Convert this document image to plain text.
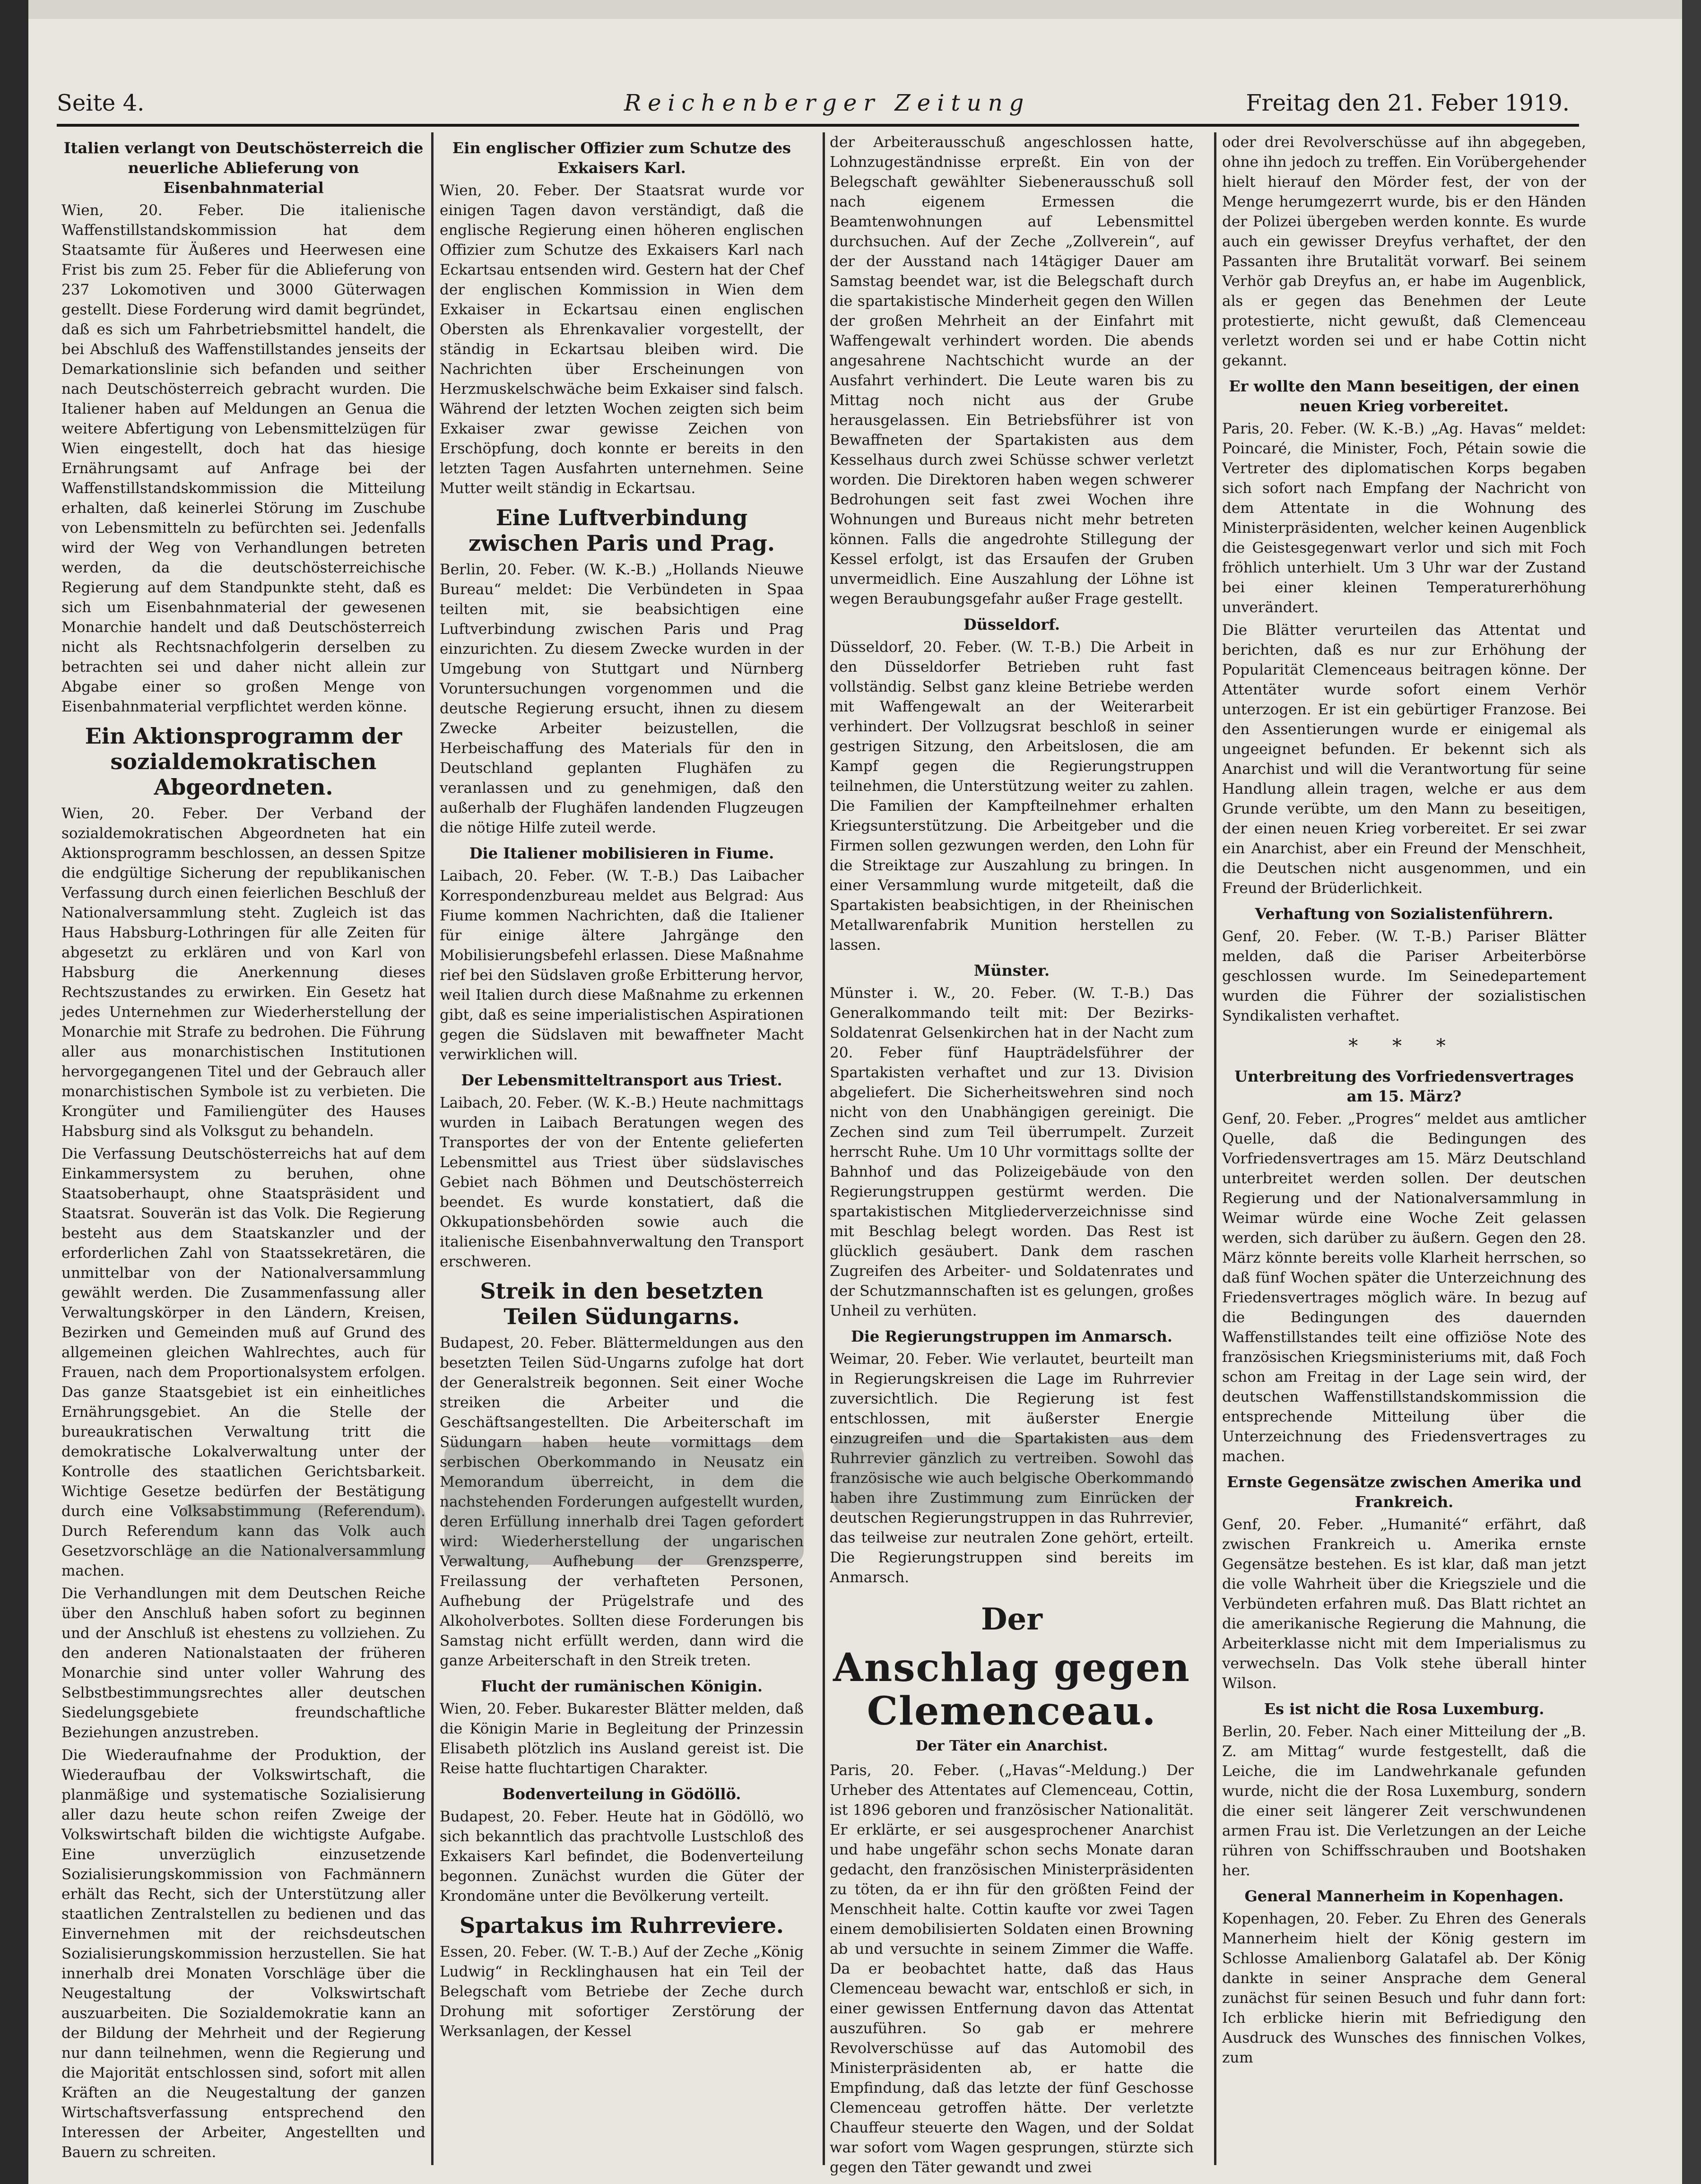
Seite 4.	Reichenberger Zeitung	Freitag den 21. Feber 1919.
Italien verlangt von Deutschösterreich die neuerliche Ablieferung von Eisenbahnmaterial

Wien, 20. Feber. Die italienische Waffenstillstandskommission hat dem Staatsamte für Äußeres und Heerwesen eine Frist bis zum 25. Feber für die Ablieferung von 237 Lokomotiven und 3000 Güterwagen gestellt. Diese Forderung wird damit begründet, daß es sich um Fahrbetriebsmittel handelt, die bei Abschluß des Waffenstillstandes jenseits der Demarkationslinie sich befanden und seither nach Deutschösterreich gebracht wurden. Die Italiener haben auf Meldungen an Genua die weitere Abfertigung von Lebensmittelzügen für Wien eingestellt, doch hat das hiesige Ernährungsamt auf Anfrage bei der Waffenstillstandskommission die Mitteilung erhalten, daß keinerlei Störung im Zuschube von Lebensmitteln zu befürchten sei. Jedenfalls wird der Weg von Verhandlungen betreten werden, da die deutschösterreichische Regierung auf dem Standpunkte steht, daß es sich um Eisenbahnmaterial der gewesenen Monarchie handelt und daß Deutschösterreich nicht als Rechtsnachfolgerin derselben zu betrachten sei und daher nicht allein zur Abgabe einer so großen Menge von Eisenbahnmaterial verpflichtet werden könne.

Ein Aktionsprogramm der sozialdemokratischen Abgeordneten.

Wien, 20. Feber. Der Verband der sozialdemokratischen Abgeordneten hat ein Aktionsprogramm beschlossen, an dessen Spitze die endgültige Sicherung der republikanischen Verfassung durch einen feierlichen Beschluß der Nationalversammlung steht. Zugleich ist das Haus Habsburg-Lothringen für alle Zeiten für abgesetzt zu erklären und von Karl von Habsburg die Anerkennung dieses Rechtszustandes zu erwirken. Ein Gesetz hat jedes Unternehmen zur Wiederherstellung der Monarchie mit Strafe zu bedrohen. Die Führung aller aus monarchistischen Institutionen hervorgegangenen Titel und der Gebrauch aller monarchistischen Symbole ist zu verbieten. Die Krongüter und Familiengüter des Hauses Habsburg sind als Volksgut zu behandeln.

Die Verfassung Deutschösterreichs hat auf dem Einkammersystem zu beruhen, ohne Staatsoberhaupt, ohne Staatspräsident und Staatsrat. Souverän ist das Volk. Die Regierung besteht aus dem Staatskanzler und der erforderlichen Zahl von Staatssekretären, die unmittelbar von der Nationalversammlung gewählt werden. Die Zusammenfassung aller Verwaltungskörper in den Ländern, Kreisen, Bezirken und Gemeinden muß auf Grund des allgemeinen gleichen Wahlrechtes, auch für Frauen, nach dem Proportionalsystem erfolgen. Das ganze Staatsgebiet ist ein einheitliches Ernährungsgebiet. An die Stelle der bureaukratischen Verwaltung tritt die demokratische Lokalverwaltung unter der Kontrolle des staatlichen Gerichtsbarkeit. Wichtige Gesetze bedürfen der Bestätigung durch eine Volksabstimmung (Referendum). Durch Referendum kann das Volk auch Gesetzvorschläge an die Nationalversammlung machen.

Die Verhandlungen mit dem Deutschen Reiche über den Anschluß haben sofort zu beginnen und der Anschluß ist ehestens zu vollziehen. Zu den anderen Nationalstaaten der früheren Monarchie sind unter voller Wahrung des Selbstbestimmungsrechtes aller deutschen Siedelungsgebiete freundschaftliche Beziehungen anzustreben.

Die Wiederaufnahme der Produktion, der Wiederaufbau der Volkswirtschaft, die planmäßige und systematische Sozialisierung aller dazu heute schon reifen Zweige der Volkswirtschaft bilden die wichtigste Aufgabe. Eine unverzüglich einzusetzende Sozialisierungskommission von Fachmännern erhält das Recht, sich der Unterstützung aller staatlichen Zentralstellen zu bedienen und das Einvernehmen mit der reichsdeutschen Sozialisierungskommission herzustellen. Sie hat innerhalb drei Monaten Vorschläge über die Neugestaltung der Volkswirtschaft auszuarbeiten. Die Sozialdemokratie kann an der Bildung der Mehrheit und der Regierung nur dann teilnehmen, wenn die Regierung und die Majorität entschlossen sind, sofort mit allen Kräften an die Neugestaltung der ganzen Wirtschaftsverfassung entsprechend den Interessen der Arbeiter, Angestellten und Bauern zu schreiten.

Ein englischer Offizier zum Schutze des Exkaisers Karl.

Wien, 20. Feber. Der Staatsrat wurde vor einigen Tagen davon verständigt, daß die englische Regierung einen höheren englischen Offizier zum Schutze des Exkaisers Karl nach Eckartsau entsenden wird. Gestern hat der Chef der englischen Kommission in Wien dem Exkaiser in Eckartsau einen englischen Obersten als Ehrenkavalier vorgestellt, der ständig in Eckartsau bleiben wird. Die Nachrichten über Erscheinungen von Herzmuskelschwäche beim Exkaiser sind falsch. Während der letzten Wochen zeigten sich beim Exkaiser zwar gewisse Zeichen von Erschöpfung, doch konnte er bereits in den letzten Tagen Ausfahrten unternehmen. Seine Mutter weilt ständig in Eckartsau.

Eine Luftverbindung zwischen Paris und Prag.

Berlin, 20. Feber. (W. K.-B.) „Hollands Nieuwe Bureau“ meldet: Die Verbündeten in Spaa teilten mit, sie beabsichtigen eine Luftverbindung zwischen Paris und Prag einzurichten. Zu diesem Zwecke wurden in der Umgebung von Stuttgart und Nürnberg Voruntersuchungen vorgenommen und die deutsche Regierung ersucht, ihnen zu diesem Zwecke Arbeiter beizustellen, die Herbeischaffung des Materials für den in Deutschland geplanten Flughäfen zu veranlassen und zu genehmigen, daß den außerhalb der Flughäfen landenden Flugzeugen die nötige Hilfe zuteil werde.

Die Italiener mobilisieren in Fiume.

Laibach, 20. Feber. (W. T.-B.) Das Laibacher Korrespondenzbureau meldet aus Belgrad: Aus Fiume kommen Nachrichten, daß die Italiener für einige ältere Jahrgänge den Mobilisierungsbefehl erlassen. Diese Maßnahme rief bei den Südslaven große Erbitterung hervor, weil Italien durch diese Maßnahme zu erkennen gibt, daß es seine imperialistischen Aspirationen gegen die Südslaven mit bewaffneter Macht verwirklichen will.

Der Lebensmitteltransport aus Triest.

Laibach, 20. Feber. (W. K.-B.) Heute nachmittags wurden in Laibach Beratungen wegen des Transportes der von der Entente gelieferten Lebensmittel aus Triest über südslavisches Gebiet nach Böhmen und Deutschösterreich beendet. Es wurde konstatiert, daß die Okkupationsbehörden sowie auch die italienische Eisenbahnverwaltung den Transport erschweren.

Streik in den besetzten Teilen Südungarns.

Budapest, 20. Feber. Blättermeldungen aus den besetzten Teilen Süd-Ungarns zufolge hat dort der Generalstreik begonnen. Seit einer Woche streiken die Arbeiter und die Geschäftsangestellten. Die Arbeiterschaft im Südungarn haben heute vormittags dem serbischen Oberkommando in Neusatz ein Memorandum überreicht, in dem die nachstehenden Forderungen aufgestellt wurden, deren Erfüllung innerhalb drei Tagen gefordert wird: Wiederherstellung der ungarischen Verwaltung, Aufhebung der Grenzsperre, Freilassung der verhafteten Personen, Aufhebung der Prügelstrafe und des Alkoholverbotes. Sollten diese Forderungen bis Samstag nicht erfüllt werden, dann wird die ganze Arbeiterschaft in den Streik treten.

Flucht der rumänischen Königin.

Wien, 20. Feber. Bukarester Blätter melden, daß die Königin Marie in Begleitung der Prinzessin Elisabeth plötzlich ins Ausland gereist ist. Die Reise hatte fluchtartigen Charakter.

Bodenverteilung in Gödöllö.

Budapest, 20. Feber. Heute hat in Gödöllö, wo sich bekanntlich das prachtvolle Lustschloß des Exkaisers Karl befindet, die Bodenverteilung begonnen. Zunächst wurden die Güter der Krondomäne unter die Bevölkerung verteilt.

Spartakus im Ruhrreviere.

Essen, 20. Feber. (W. T.-B.) Auf der Zeche „König Ludwig“ in Recklinghausen hat ein Teil der Belegschaft vom Betriebe der Zeche durch Drohung mit sofortiger Zerstörung der Werksanlagen, der Kessel

der Arbeiterausschuß angeschlossen hatte, Lohnzugeständnisse erpreßt. Ein von der Belegschaft gewählter Siebenerausschuß soll nach eigenem Ermessen die Beamtenwohnungen auf Lebensmittel durchsuchen. Auf der Zeche „Zollverein“, auf der der Ausstand nach 14tägiger Dauer am Samstag beendet war, ist die Belegschaft durch die spartakistische Minderheit gegen den Willen der großen Mehrheit an der Einfahrt mit Waffengewalt verhindert worden. Die abends angesahrene Nachtschicht wurde an der Ausfahrt verhindert. Die Leute waren bis zu Mittag noch nicht aus der Grube herausgelassen. Ein Betriebsführer ist von Bewaffneten der Spartakisten aus dem Kesselhaus durch zwei Schüsse schwer verletzt worden. Die Direktoren haben wegen schwerer Bedrohungen seit fast zwei Wochen ihre Wohnungen und Bureaus nicht mehr betreten können. Falls die angedrohte Stillegung der Kessel erfolgt, ist das Ersaufen der Gruben unvermeidlich. Eine Auszahlung der Löhne ist wegen Beraubungsgefahr außer Frage gestellt.

Düsseldorf.

Düsseldorf, 20. Feber. (W. T.-B.) Die Arbeit in den Düsseldorfer Betrieben ruht fast vollständig. Selbst ganz kleine Betriebe werden mit Waffengewalt an der Weiterarbeit verhindert. Der Vollzugsrat beschloß in seiner gestrigen Sitzung, den Arbeitslosen, die am Kampf gegen die Regierungstruppen teilnehmen, die Unterstützung weiter zu zahlen. Die Familien der Kampfteilnehmer erhalten Kriegsunterstützung. Die Arbeitgeber und die Firmen sollen gezwungen werden, den Lohn für die Streiktage zur Auszahlung zu bringen. In einer Versammlung wurde mitgeteilt, daß die Spartakisten beabsichtigen, in der Rheinischen Metallwarenfabrik Munition herstellen zu lassen.

Münster.

Münster i. W., 20. Feber. (W. T.-B.) Das Generalkommando teilt mit: Der Bezirks-Soldatenrat Gelsenkirchen hat in der Nacht zum 20. Feber fünf Haupträdelsführer der Spartakisten verhaftet und zur 13. Division abgeliefert. Die Sicherheitswehren sind noch nicht von den Unabhängigen gereinigt. Die Zechen sind zum Teil überrumpelt. Zurzeit herrscht Ruhe. Um 10 Uhr vormittags sollte der Bahnhof und das Polizeigebäude von den Regierungstruppen gestürmt werden. Die spartakistischen Mitgliederverzeichnisse sind mit Beschlag belegt worden. Das Rest ist glücklich gesäubert. Dank dem raschen Zugreifen des Arbeiter- und Soldatenrates und der Schutzmannschaften ist es gelungen, großes Unheil zu verhüten.

Die Regierungstruppen im Anmarsch.

Weimar, 20. Feber. Wie verlautet, beurteilt man in Regierungskreisen die Lage im Ruhrrevier zuversichtlich. Die Regierung ist fest entschlossen, mit äußerster Energie einzugreifen und die Spartakisten aus dem Ruhrrevier gänzlich zu vertreiben. Sowohl das französische wie auch belgische Oberkommando haben ihre Zustimmung zum Einrücken der deutschen Regierungstruppen in das Ruhrrevier, das teilweise zur neutralen Zone gehört, erteilt. Die Regierungstruppen sind bereits im Anmarsch.

Der
Anschlag gegen Clemenceau.
Der Täter ein Anarchist.

Paris, 20. Feber. („Havas“-Meldung.) Der Urheber des Attentates auf Clemenceau, Cottin, ist 1896 geboren und französischer Nationalität. Er erklärte, er sei ausgesprochener Anarchist und habe ungefähr schon sechs Monate daran gedacht, den französischen Ministerpräsidenten zu töten, da er ihn für den größten Feind der Menschheit halte. Cottin kaufte vor zwei Tagen einem demobilisierten Soldaten einen Browning ab und versuchte in seinem Zimmer die Waffe. Da er beobachtet hatte, daß das Haus Clemenceau bewacht war, entschloß er sich, in einer gewissen Entfernung davon das Attentat auszuführen. So gab er mehrere Revolverschüsse auf das Automobil des Ministerpräsidenten ab, er hatte die Empfindung, daß das letzte der fünf Geschosse Clemenceau getroffen hätte. Der verletzte Chauffeur steuerte den Wagen, und der Soldat war sofort vom Wagen gesprungen, stürzte sich gegen den Täter gewandt und zwei

oder drei Revolverschüsse auf ihn abgegeben, ohne ihn jedoch zu treffen. Ein Vorübergehender hielt hierauf den Mörder fest, der von der Menge herumgezerrt wurde, bis er den Händen der Polizei übergeben werden konnte. Es wurde auch ein gewisser Dreyfus verhaftet, der den Passanten ihre Brutalität vorwarf. Bei seinem Verhör gab Dreyfus an, er habe im Augenblick, als er gegen das Benehmen der Leute protestierte, nicht gewußt, daß Clemenceau verletzt worden sei und er habe Cottin nicht gekannt.

Er wollte den Mann beseitigen, der einen neuen Krieg vorbereitet.

Paris, 20. Feber. (W. K.-B.) „Ag. Havas“ meldet: Poincaré, die Minister, Foch, Pétain sowie die Vertreter des diplomatischen Korps begaben sich sofort nach Empfang der Nachricht von dem Attentate in die Wohnung des Ministerpräsidenten, welcher keinen Augenblick die Geistesgegenwart verlor und sich mit Foch fröhlich unterhielt. Um 3 Uhr war der Zustand bei einer kleinen Temperaturerhöhung unverändert.

Die Blätter verurteilen das Attentat und berichten, daß es nur zur Erhöhung der Popularität Clemenceaus beitragen könne. Der Attentäter wurde sofort einem Verhör unterzogen. Er ist ein gebürtiger Franzose. Bei den Assentierungen wurde er einigemal als ungeeignet befunden. Er bekennt sich als Anarchist und will die Verantwortung für seine Handlung allein tragen, welche er aus dem Grunde verübte, um den Mann zu beseitigen, der einen neuen Krieg vorbereitet. Er sei zwar ein Anarchist, aber ein Freund der Menschheit, die Deutschen nicht ausgenommen, und ein Freund der Brüderlichkeit.

Verhaftung von Sozialistenführern.

Genf, 20. Feber. (W. T.-B.) Pariser Blätter melden, daß die Pariser Arbeiterbörse geschlossen wurde. Im Seinedepartement wurden die Führer der sozialistischen Syndikalisten verhaftet.

* * *
Unterbreitung des Vorfriedensvertrages am 15. März?

Genf, 20. Feber. „Progres“ meldet aus amtlicher Quelle, daß die Bedingungen des Vorfriedensvertrages am 15. März Deutschland unterbreitet werden sollen. Der deutschen Regierung und der Nationalversammlung in Weimar würde eine Woche Zeit gelassen werden, sich darüber zu äußern. Gegen den 28. März könnte bereits volle Klarheit herrschen, so daß fünf Wochen später die Unterzeichnung des Friedensvertrages möglich wäre. In bezug auf die Bedingungen des dauernden Waffenstillstandes teilt eine offiziöse Note des französischen Kriegsministeriums mit, daß Foch schon am Freitag in der Lage sein wird, der deutschen Waffenstillstandskommission die entsprechende Mitteilung über die Unterzeichnung des Friedensvertrages zu machen.

Ernste Gegensätze zwischen Amerika und Frankreich.

Genf, 20. Feber. „Humanité“ erfährt, daß zwischen Frankreich u. Amerika ernste Gegensätze bestehen. Es ist klar, daß man jetzt die volle Wahrheit über die Kriegsziele und die Verbündeten erfahren muß. Das Blatt richtet an die amerikanische Regierung die Mahnung, die Arbeiterklasse nicht mit dem Imperialismus zu verwechseln. Das Volk stehe überall hinter Wilson.

Es ist nicht die Rosa Luxemburg.

Berlin, 20. Feber. Nach einer Mitteilung der „B. Z. am Mittag“ wurde festgestellt, daß die Leiche, die im Landwehrkanale gefunden wurde, nicht die der Rosa Luxemburg, sondern die einer seit längerer Zeit verschwundenen armen Frau ist. Die Verletzungen an der Leiche rühren von Schiffsschrauben und Bootshaken her.

General Mannerheim in Kopenhagen.

Kopenhagen, 20. Feber. Zu Ehren des Generals Mannerheim hielt der König gestern im Schlosse Amalienborg Galatafel ab. Der König dankte in seiner Ansprache dem General zunächst für seinen Besuch und fuhr dann fort: Ich erblicke hierin mit Befriedigung den Ausdruck des Wunsches des finnischen Volkes, zum
